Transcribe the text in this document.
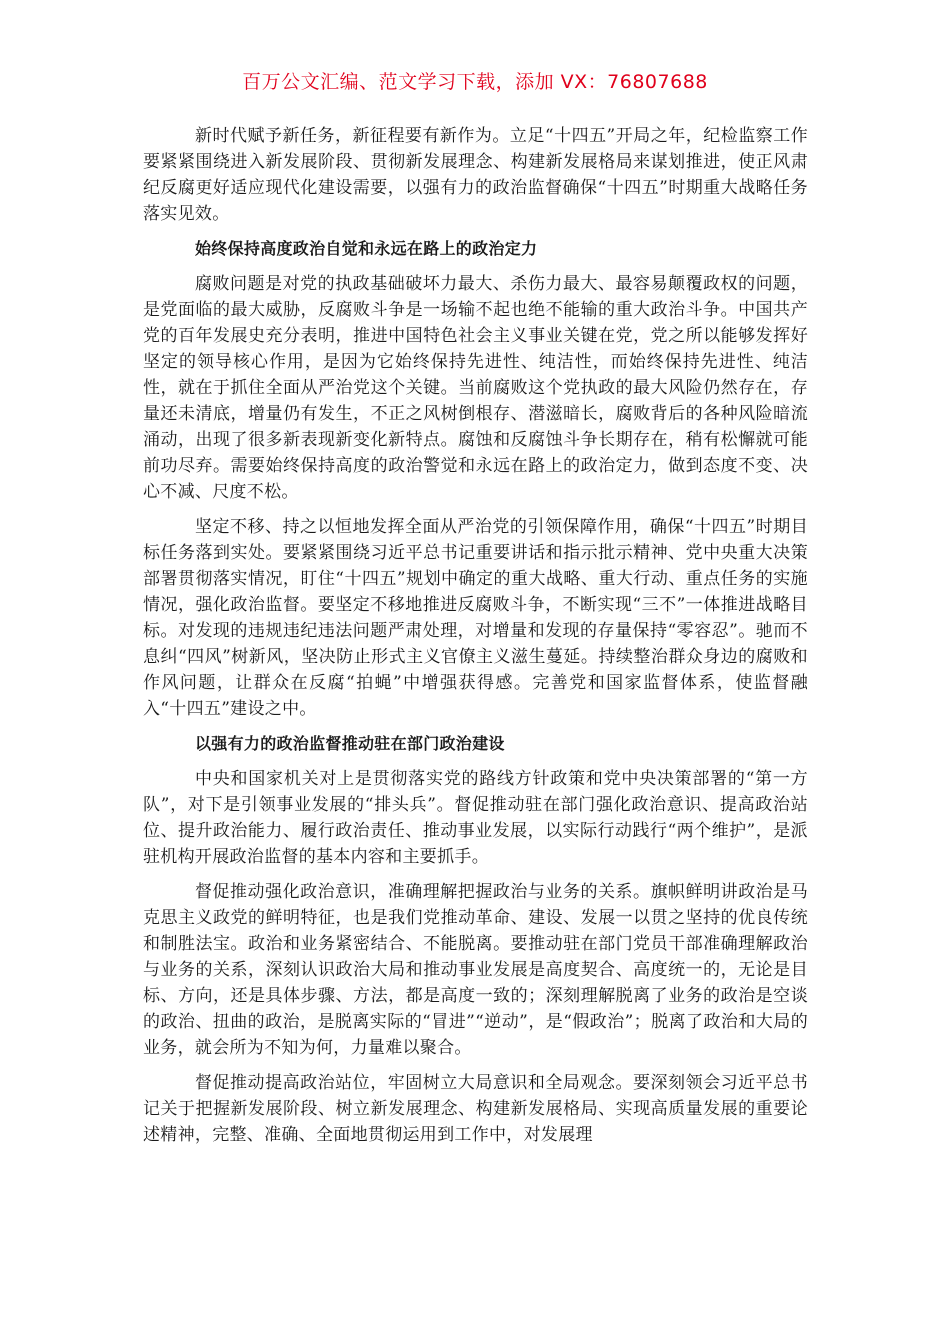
百万公文汇编、范文学习下载，添加 VX：76807688

新时代赋予新任务，新征程要有新作为。立足“十四五”开局之年，纪检监察工作要紧紧围绕进入新发展阶段、贯彻新发展理念、构建新发展格局来谋划推进，使正风肃纪反腐更好适应现代化建设需要，以强有力的政治监督确保“十四五”时期重大战略任务落实见效。

始终保持高度政治自觉和永远在路上的政治定力

腐败问题是对党的执政基础破坏力最大、杀伤力最大、最容易颠覆政权的问题，是党面临的最大威胁，反腐败斗争是一场输不起也绝不能输的重大政治斗争。中国共产党的百年发展史充分表明，推进中国特色社会主义事业关键在党，党之所以能够发挥好坚定的领导核心作用，是因为它始终保持先进性、纯洁性，而始终保持先进性、纯洁性，就在于抓住全面从严治党这个关键。当前腐败这个党执政的最大风险仍然存在，存量还未清底，增量仍有发生，不正之风树倒根存、潜滋暗长，腐败背后的各种风险暗流涌动，出现了很多新表现新变化新特点。腐蚀和反腐蚀斗争长期存在，稍有松懈就可能前功尽弃。需要始终保持高度的政治警觉和永远在路上的政治定力，做到态度不变、决心不减、尺度不松。

坚定不移、持之以恒地发挥全面从严治党的引领保障作用，确保“十四五”时期目标任务落到实处。要紧紧围绕习近平总书记重要讲话和指示批示精神、党中央重大决策部署贯彻落实情况，盯住“十四五”规划中确定的重大战略、重大行动、重点任务的实施情况，强化政治监督。要坚定不移地推进反腐败斗争，不断实现“三不”一体推进战略目标。对发现的违规违纪违法问题严肃处理，对增量和发现的存量保持“零容忍”。驰而不息纠“四风”树新风，坚决防止形式主义官僚主义滋生蔓延。持续整治群众身边的腐败和作风问题，让群众在反腐“拍蝇”中增强获得感。完善党和国家监督体系，使监督融入“十四五”建设之中。

以强有力的政治监督推动驻在部门政治建设

中央和国家机关对上是贯彻落实党的路线方针政策和党中央决策部署的“第一方队”，对下是引领事业发展的“排头兵”。督促推动驻在部门强化政治意识、提高政治站位、提升政治能力、履行政治责任、推动事业发展，以实际行动践行“两个维护”，是派驻机构开展政治监督的基本内容和主要抓手。

督促推动强化政治意识，准确理解把握政治与业务的关系。旗帜鲜明讲政治是马克思主义政党的鲜明特征，也是我们党推动革命、建设、发展一以贯之坚持的优良传统和制胜法宝。政治和业务紧密结合、不能脱离。要推动驻在部门党员干部准确理解政治与业务的关系，深刻认识政治大局和推动事业发展是高度契合、高度统一的，无论是目标、方向，还是具体步骤、方法，都是高度一致的；深刻理解脱离了业务的政治是空谈的政治、扭曲的政治，是脱离实际的“冒进”“逆动”，是“假政治”；脱离了政治和大局的业务，就会所为不知为何，力量难以聚合。

督促推动提高政治站位，牢固树立大局意识和全局观念。要深刻领会习近平总书记关于把握新发展阶段、树立新发展理念、构建新发展格局、实现高质量发展的重要论述精神，完整、准确、全面地贯彻运用到工作中，对发展理
